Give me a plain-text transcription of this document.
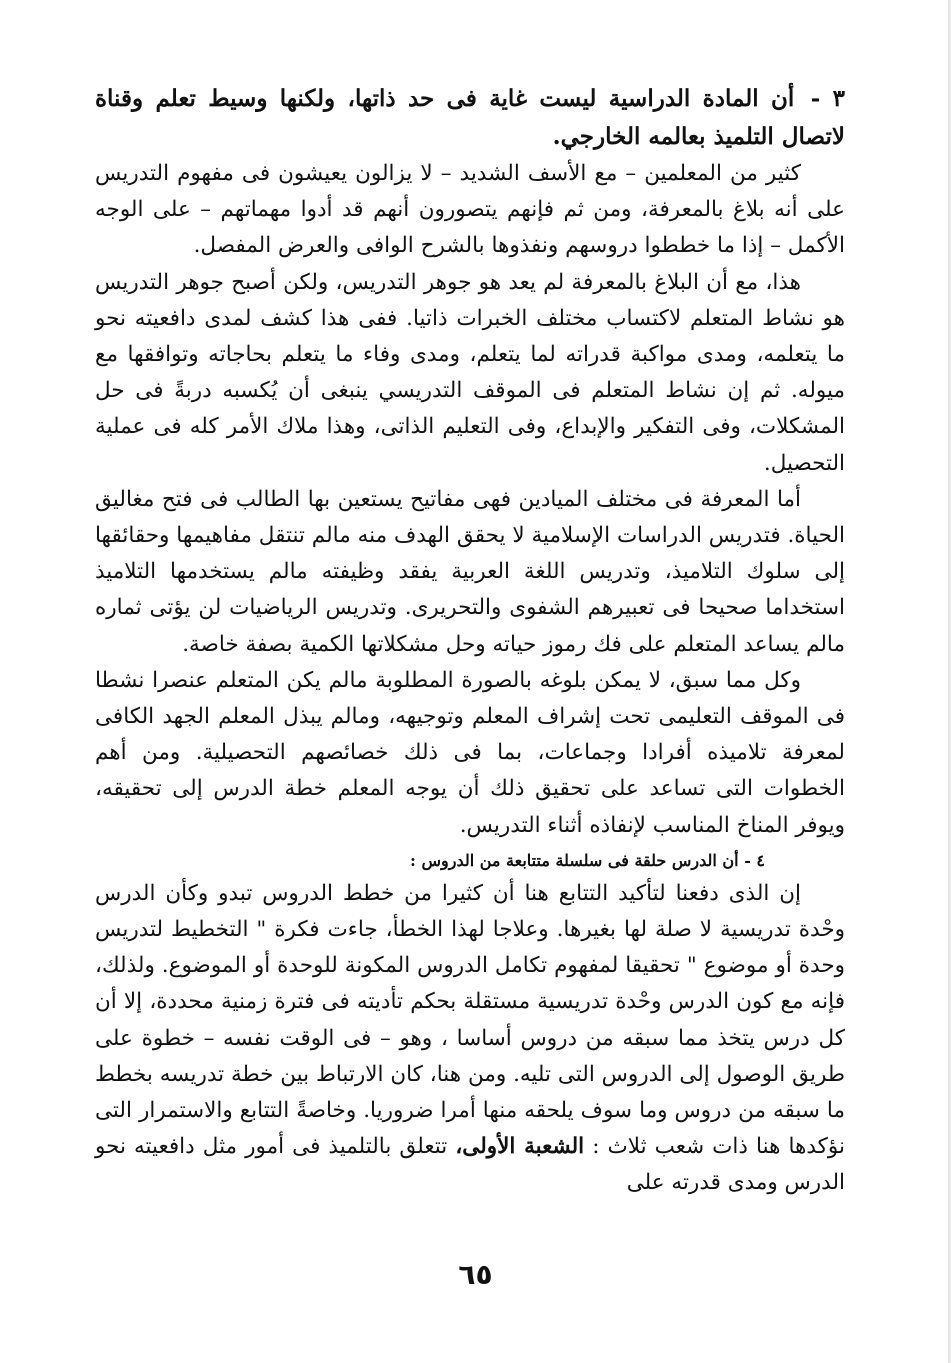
٣ - أن المادة الدراسية ليست غاية فى حد ذاتها، ولكنها وسيط تعلم وقناة لاتصال التلميذ بعالمه الخارجي.

كثير من المعلمين – مع الأسف الشديد – لا يزالون يعيشون فى مفهوم التدريس على أنه بلاغ بالمعرفة، ومن ثم فإنهم يتصورون أنهم قد أدوا مهماتهم – على الوجه الأكمل – إذا ما خططوا دروسهم ونفذوها بالشرح الوافى والعرض المفصل.

هذا، مع أن البلاغ بالمعرفة لم يعد هو جوهر التدريس، ولكن أصبح جوهر التدريس هو نشاط المتعلم لاكتساب مختلف الخبرات ذاتيا. ففى هذا كشف لمدى دافعيته نحو ما يتعلمه، ومدى مواكبة قدراته لما يتعلم، ومدى وفاء ما يتعلم بحاجاته وتوافقها مع ميوله. ثم إن نشاط المتعلم فى الموقف التدريسي ينبغى أن يُكسبه دربةً فى حل المشكلات، وفى التفكير والإبداع، وفى التعليم الذاتى، وهذا ملاك الأمر كله فى عملية التحصيل.

أما المعرفة فى مختلف الميادين فهى مفاتيح يستعين بها الطالب فى فتح مغاليق الحياة. فتدريس الدراسات الإسلامية لا يحقق الهدف منه مالم تنتقل مفاهيمها وحقائقها إلى سلوك التلاميذ، وتدريس اللغة العربية يفقد وظيفته مالم يستخدمها التلاميذ استخداما صحيحا فى تعبيرهم الشفوى والتحريرى. وتدريس الرياضيات لن يؤتى ثماره مالم يساعد المتعلم على فك رموز حياته وحل مشكلاتها الكمية بصفة خاصة.

وكل مما سبق، لا يمكن بلوغه بالصورة المطلوبة مالم يكن المتعلم عنصرا نشطا فى الموقف التعليمى تحت إشراف المعلم وتوجيهه، ومالم يبذل المعلم الجهد الكافى لمعرفة تلاميذه أفرادا وجماعات، بما فى ذلك خصائصهم التحصيلية. ومن أهم الخطوات التى تساعد على تحقيق ذلك أن يوجه المعلم خطة الدرس إلى تحقيقه، ويوفر المناخ المناسب لإنفاذه أثناء التدريس.

٤ - أن الدرس حلقة فى سلسلة متتابعة من الدروس :

إن الذى دفعنا لتأكيد التتابع هنا أن كثيرا من خطط الدروس تبدو وكأن الدرس وحْدة تدريسية لا صلة لها بغيرها. وعلاجا لهذا الخطأ، جاءت فكرة " التخطيط لتدريس وحدة أو موضوع " تحقيقا لمفهوم تكامل الدروس المكونة للوحدة أو الموضوع. ولذلك، فإنه مع كون الدرس وحْدة تدريسية مستقلة بحكم تأديته فى فترة زمنية محددة، إلا أن كل درس يتخذ مما سبقه من دروس أساسا ، وهو – فى الوقت نفسه – خطوة على طريق الوصول إلى الدروس التى تليه. ومن هنا، كان الارتباط بين خطة تدريسه بخطط ما سبقه من دروس وما سوف يلحقه منها أمرا ضروريا. وخاصةً التتابع والاستمرار التى نؤكدها هنا ذات شعب ثلاث : الشعبة الأولى، تتعلق بالتلميذ فى أمور مثل دافعيته نحو الدرس ومدى قدرته على

٦٥
